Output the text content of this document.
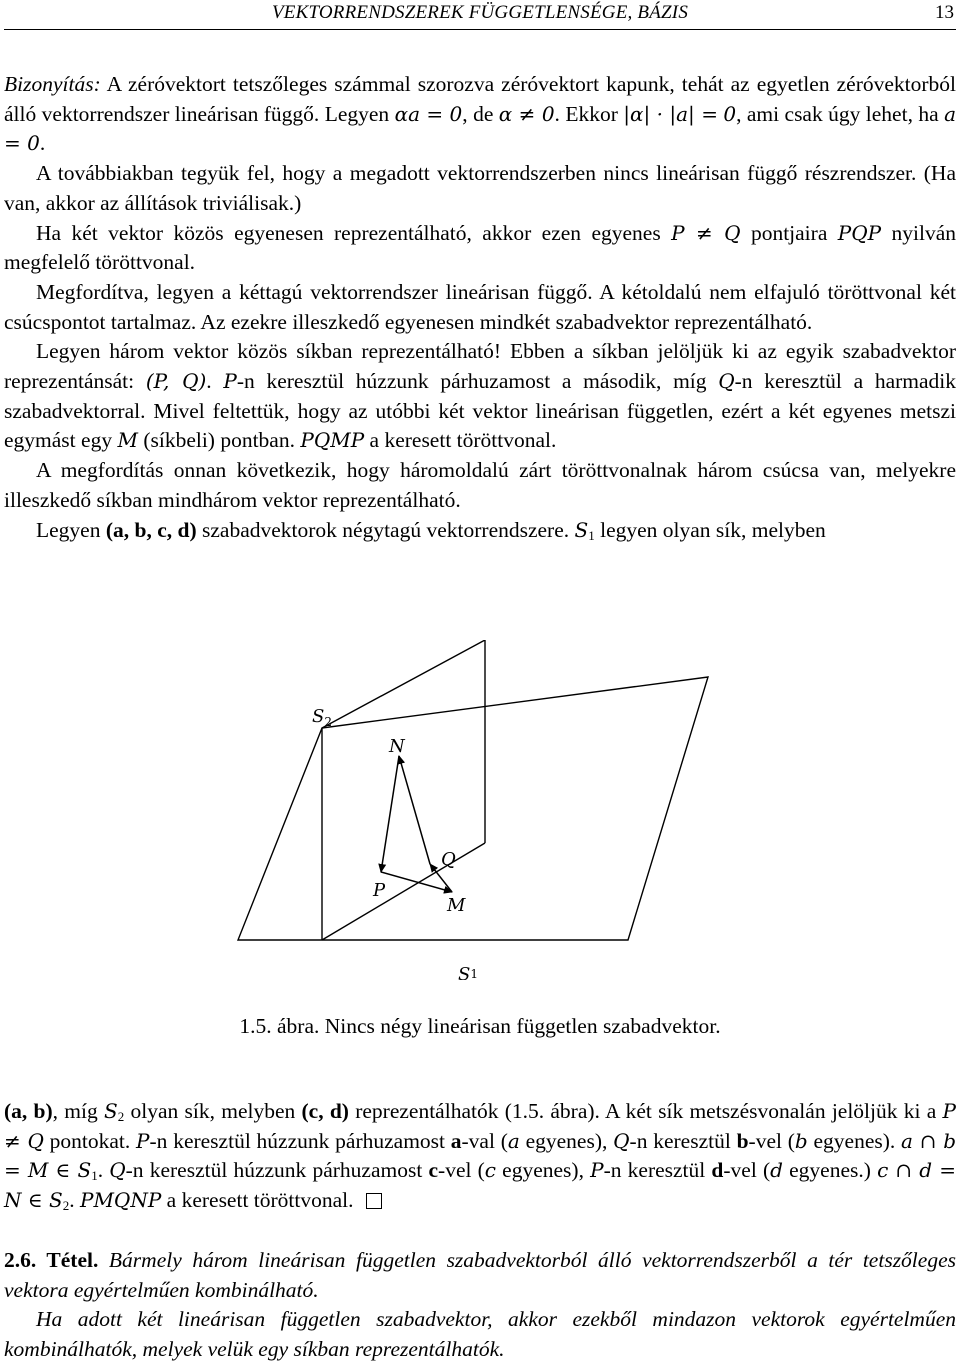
VEKTORRENDSZEREK FÜGGETLENSÉGE, BÁZIS	13

Bizonyítás: A zéróvektort tetszőleges számmal szorozva zéróvektort kapunk, tehát az egyetlen zéróvektorból álló vektorrendszer lineárisan függő. Legyen αa = 0, de α ≠ 0. Ekkor |α| · |a| = 0, ami csak úgy lehet, ha a = 0.

A továbbiakban tegyük fel, hogy a megadott vektorrendszerben nincs lineárisan függő részrendszer. (Ha van, akkor az állítások triviálisak.)

Ha két vektor közös egyenesen reprezentálható, akkor ezen egyenes P ≠ Q pontjaira PQP nyilván megfelelő töröttvonal.

Megfordítva, legyen a kéttagú vektorrendszer lineárisan függő. A kétoldalú nem elfajuló töröttvonal két csúcspontot tartalmaz. Az ezekre illeszkedő egyenesen mindkét szabadvektor reprezentálható.

Legyen három vektor közös síkban reprezentálható! Ebben a síkban jelöljük ki az egyik szabadvektor reprezentánsát: (P, Q). P-n keresztül húzzunk párhuzamost a második, míg Q-n keresztül a harmadik szabadvektorral. Mivel feltettük, hogy az utóbbi két vektor lineárisan független, ezért a két egyenes metszi egymást egy M (síkbeli) pontban. PQMP a keresett töröttvonal.

A megfordítás onnan következik, hogy háromoldalú zárt töröttvonalnak három csúcsa van, melyekre illeszkedő síkban mindhárom vektor reprezentálható.

Legyen (a, b, c, d) szabadvektorok négytagú vektorrendszere. $S_1$ legyen olyan sík, melyben

$S_2$
N
Q
P
M
S1
1.5. ábra. Nincs négy lineárisan független szabadvektor.

(a, b), míg $S_2$ olyan sík, melyben (c, d) reprezentálhatók (1.5. ábra). A két sík metszésvonalán jelöljük ki a P ≠ Q pontokat. P-n keresztül húzzunk párhuzamost a-val (a egyenes), Q-n keresztül b-vel (b egyenes). a ∩ b = M ∈ $S_1$. Q-n keresztül húzzunk párhuzamost c-vel (c egyenes), P-n keresztül d-vel (d egyenes.) c ∩ d = N ∈ $S_2$. PMQNP a keresett töröttvonal.

2.6. Tétel. Bármely három lineárisan független szabadvektorból álló vektorrendszerből a tér tetszőleges vektora egyértelműen kombinálható.

Ha adott két lineárisan független szabadvektor, akkor ezekből mindazon vektorok egyértelműen kombinálhatók, melyek velük egy síkban reprezentálhatók.
